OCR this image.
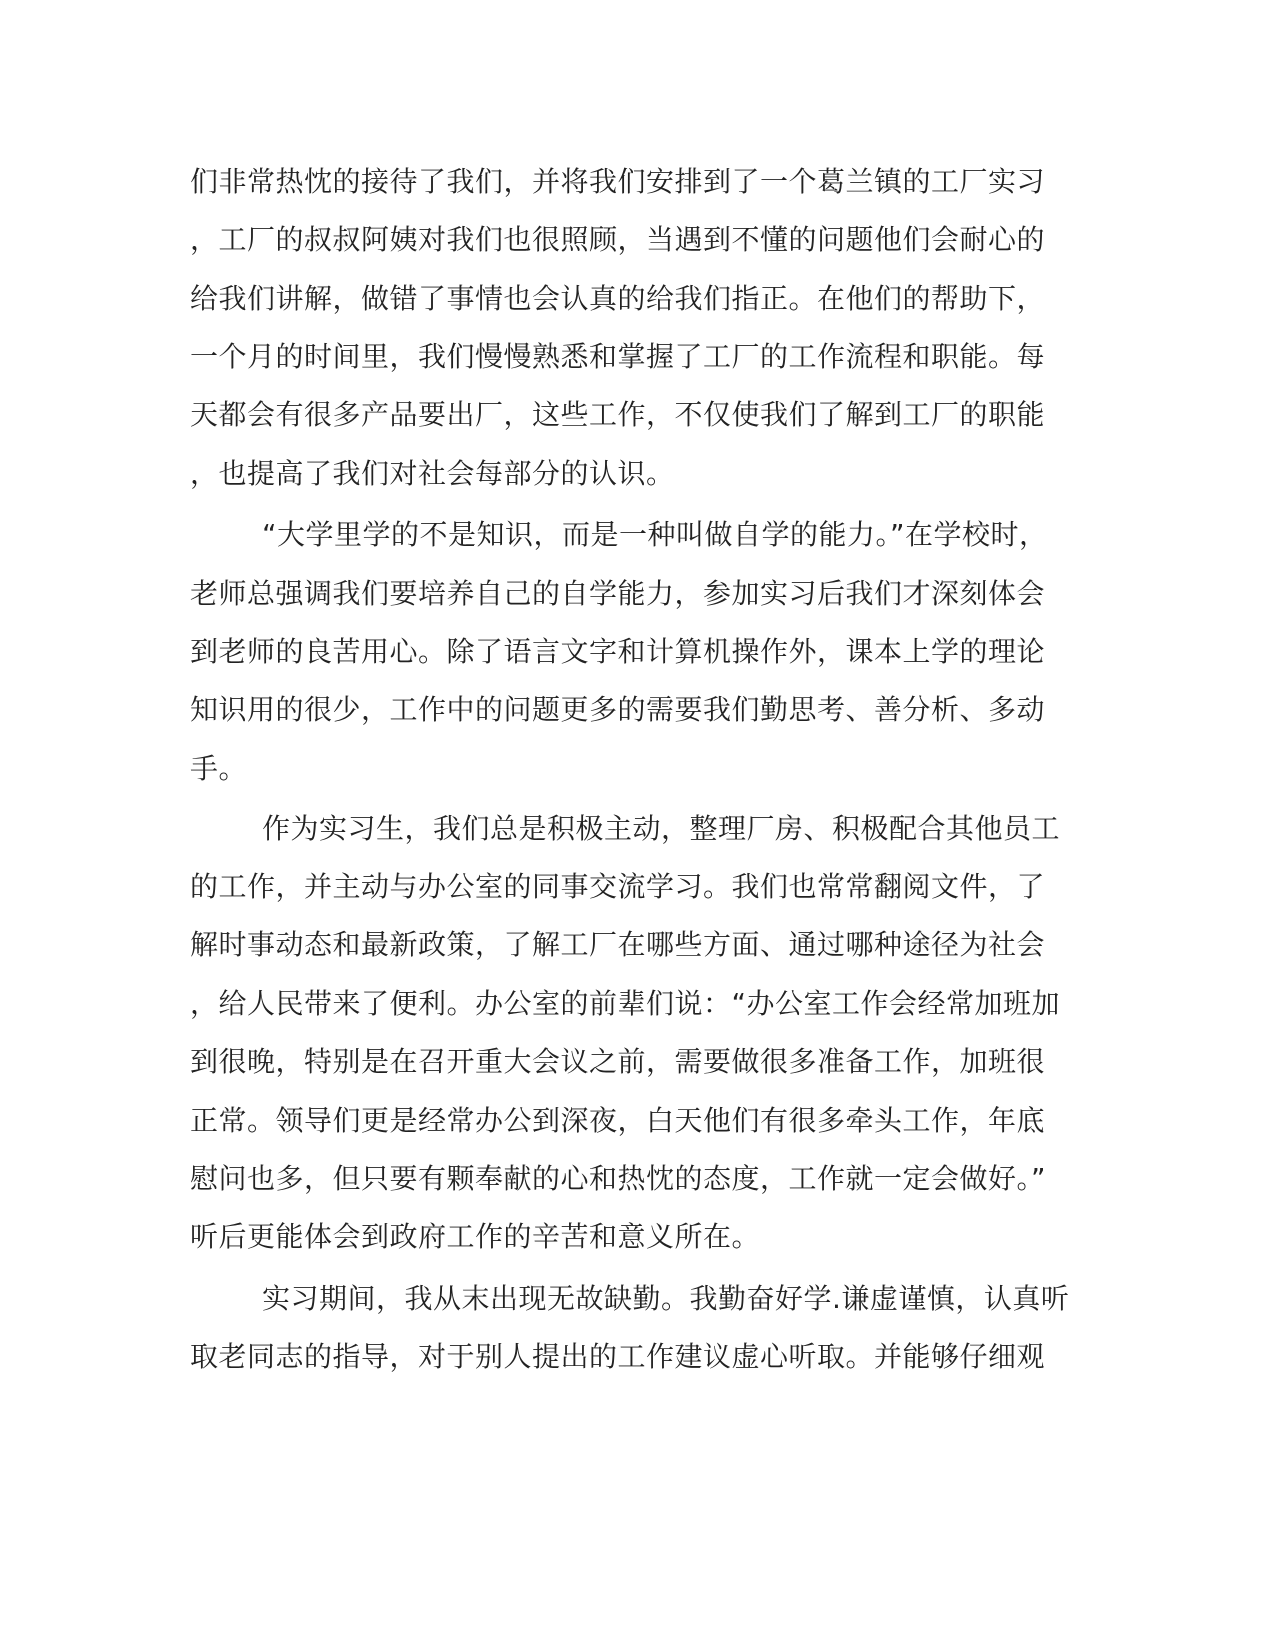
们非常热忱的接待了我们，并将我们安排到了一个葛兰镇的工厂实习
，工厂的叔叔阿姨对我们也很照顾，当遇到不懂的问题他们会耐心的
给我们讲解，做错了事情也会认真的给我们指正。在他们的帮助下，
一个月的时间里，我们慢慢熟悉和掌握了工厂的工作流程和职能。每
天都会有很多产品要出厂，这些工作，不仅使我们了解到工厂的职能
，也提高了我们对社会每部分的认识。
“大学里学的不是知识，而是一种叫做自学的能力。”在学校时，
老师总强调我们要培养自己的自学能力，参加实习后我们才深刻体会
到老师的良苦用心。除了语言文字和计算机操作外，课本上学的理论
知识用的很少，工作中的问题更多的需要我们勤思考、善分析、多动
手。
作为实习生，我们总是积极主动，整理厂房、积极配合其他员工
的工作，并主动与办公室的同事交流学习。我们也常常翻阅文件，了
解时事动态和最新政策，了解工厂在哪些方面、通过哪种途径为社会
，给人民带来了便利。办公室的前辈们说：“办公室工作会经常加班加
到很晚，特别是在召开重大会议之前，需要做很多准备工作，加班很
正常。领导们更是经常办公到深夜，白天他们有很多牵头工作，年底
慰问也多，但只要有颗奉献的心和热忱的态度，工作就一定会做好。”
听后更能体会到政府工作的辛苦和意义所在。
实习期间，我从末出现无故缺勤。我勤奋好学.谦虚谨慎，认真听
取老同志的指导，对于别人提出的工作建议虚心听取。并能够仔细观
